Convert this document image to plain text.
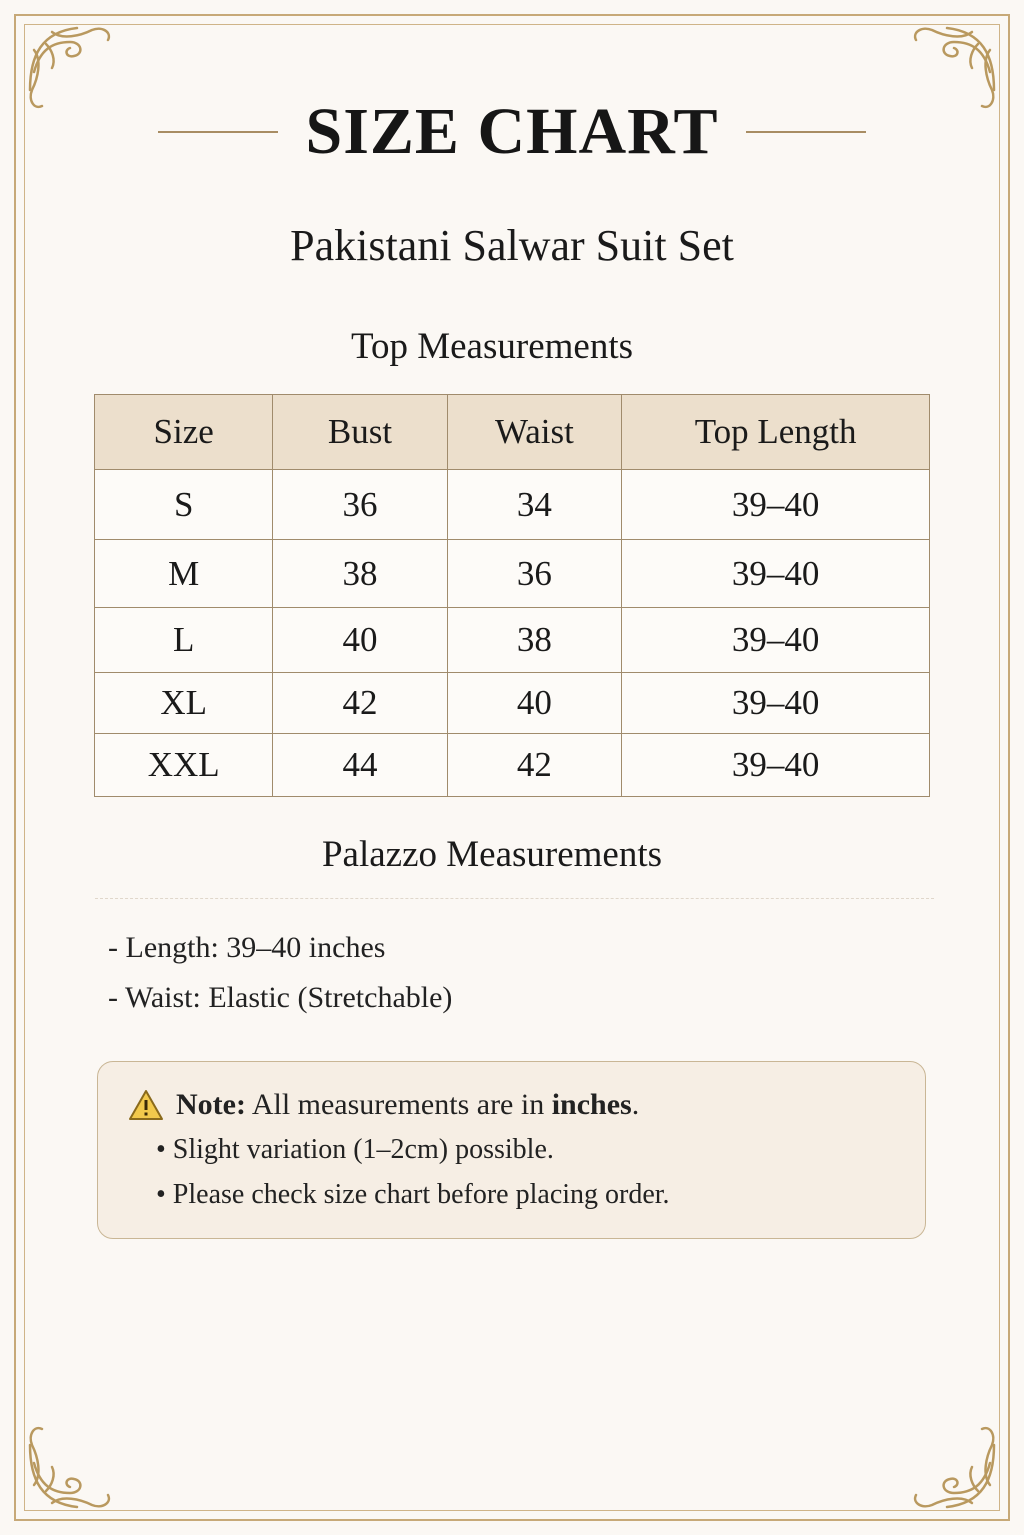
SIZE CHART
Pakistani Salwar Suit Set
Top Measurements
Size	Bust	Waist	Top Length
S	36	34	39–40
M	38	36	39–40
L	40	38	39–40
XL	42	40	39–40
XXL	44	42	39–40
Palazzo Measurements
- Length: 39–40 inches
- Waist: Elastic (Stretchable)
Note: All measurements are in inches.
• Slight variation (1–2cm) possible.
• Please check size chart before placing order.
